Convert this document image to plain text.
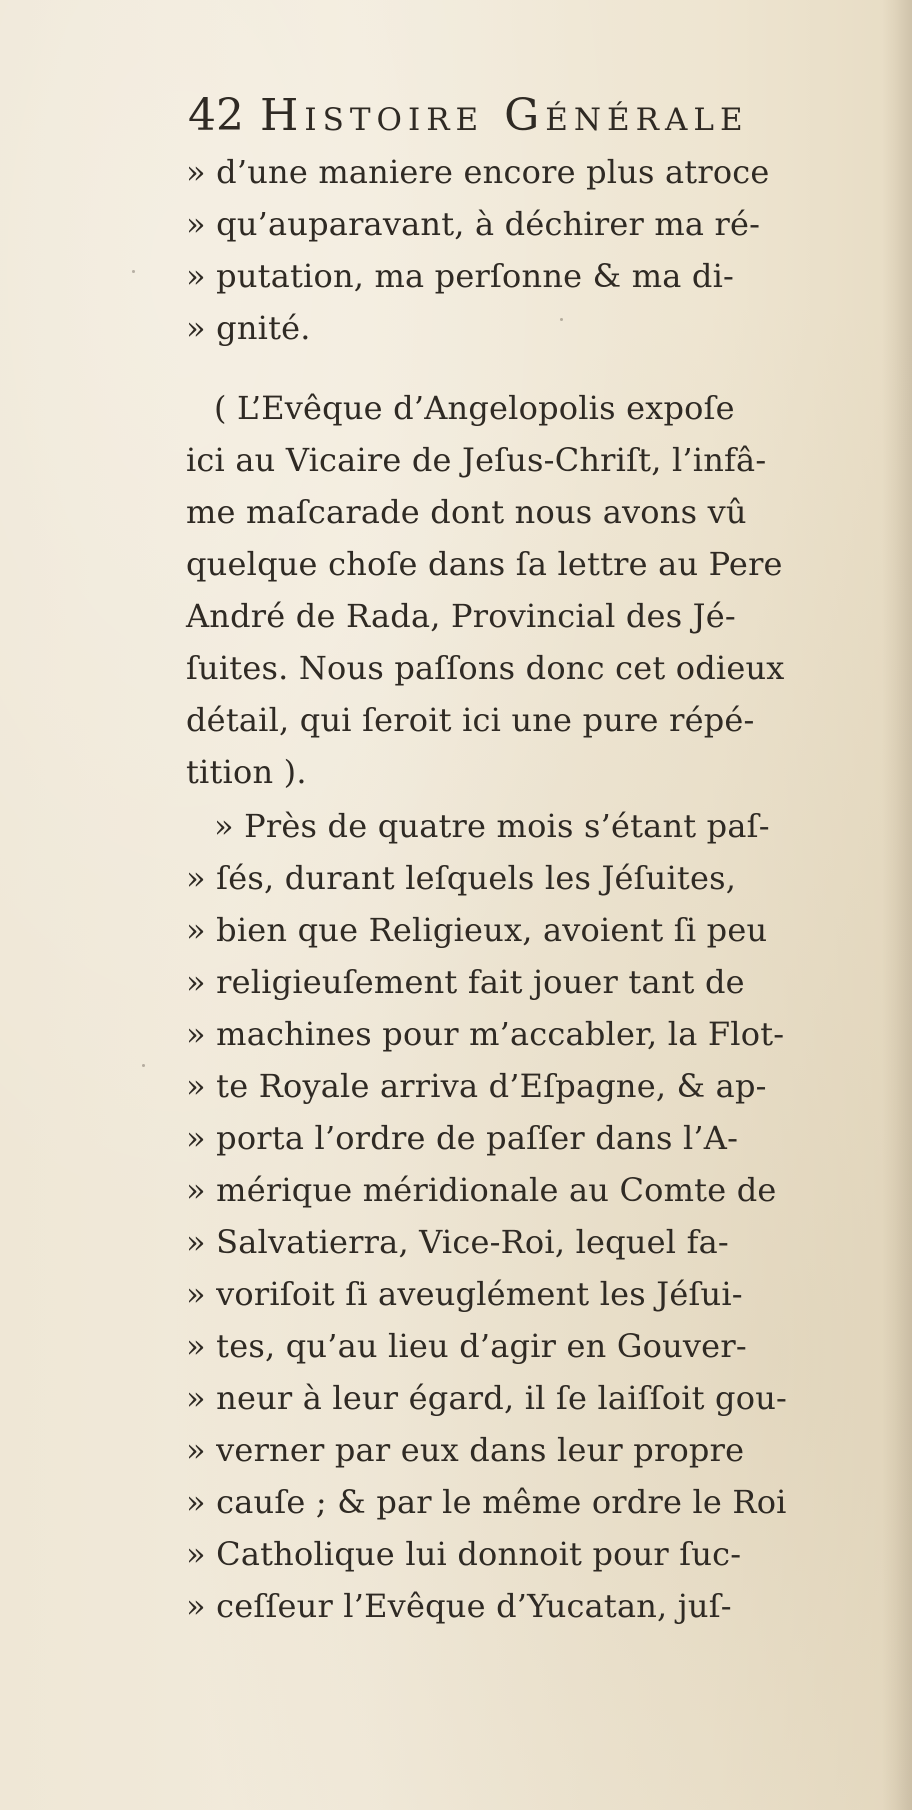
42 Histoire Générale
» d’une maniere encore plus atroce
» qu’auparavant, à déchirer ma ré-
» putation, ma perſonne & ma di-
» gnité.
( L’Evêque d’Angelopolis expoſe
ici au Vicaire de Jeſus-Chriſt, l’infâ-
me maſcarade dont nous avons vû
quelque choſe dans ſa lettre au Pere
André de Rada, Provincial des Jé-
ſuites. Nous paſſons donc cet odieux
détail, qui ſeroit ici une pure répé-
tition ).
» Près de quatre mois s’étant paſ-
» ſés, durant leſquels les Jéſuites,
» bien que Religieux, avoient ſi peu
» religieuſement fait jouer tant de
» machines pour m’accabler, la Flot-
» te Royale arriva d’Eſpagne, & ap-
» porta l’ordre de paſſer dans l’A-
» mérique méridionale au Comte de
» Salvatierra, Vice-Roi, lequel fa-
» voriſoit ſi aveuglément les Jéſui-
» tes, qu’au lieu d’agir en Gouver-
» neur à leur égard, il ſe laiſſoit gou-
» verner par eux dans leur propre
» cauſe ; & par le même ordre le Roi
» Catholique lui donnoit pour ſuc-
» ceſſeur l’Evêque d’Yucatan, juſ-
